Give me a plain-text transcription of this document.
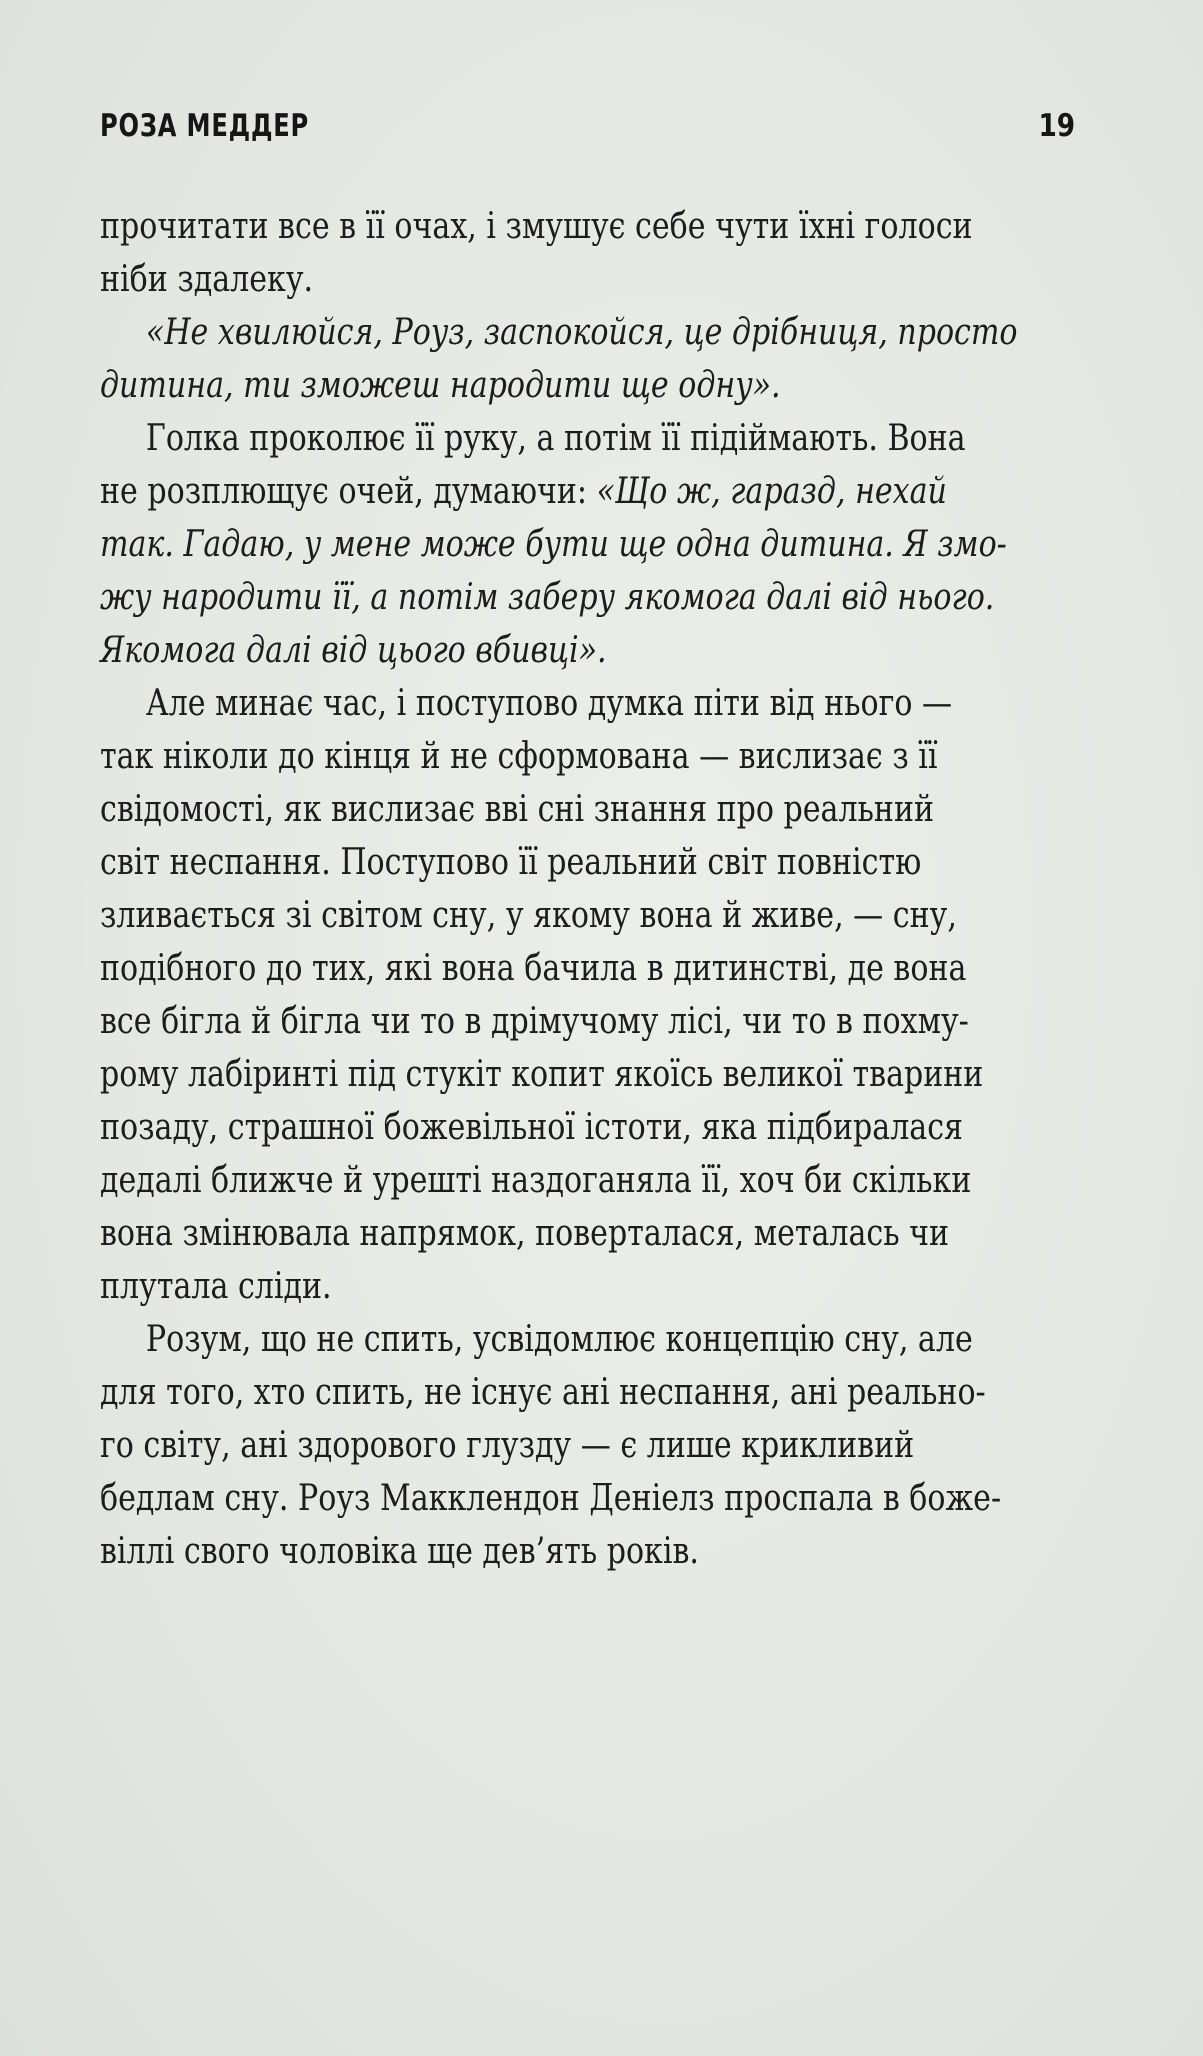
РОЗА МЕДДЕР	19
прочитати все в її очах, і змушує себе чути їхні голоси
ніби здалеку.
«Не хвилюйся, Роуз, заспокойся, це дрібниця, просто
дитина, ти зможеш народити ще одну».
Голка проколює її руку, а потім її підіймають. Вона
не розплющує очей, думаючи: «Що ж, гаразд, нехай
так. Гадаю, у мене може бути ще одна дитина. Я змо-
жу народити її, а потім заберу якомога далі від нього.
Якомога далі від цього вбивці».
Але минає час, і поступово думка піти від нього —
так ніколи до кінця й не сформована — вислизає з її
свідомості, як вислизає вві сні знання про реальний
світ неспання. Поступово її реальний світ повністю
зливається зі світом сну, у якому вона й живе, — сну,
подібного до тих, які вона бачила в дитинстві, де вона
все бігла й бігла чи то в дрімучому лісі, чи то в похму-
рому лабіринті під стукіт копит якоїсь великої тварини
позаду, страшної божевільної істоти, яка підбиралася
дедалі ближче й урешті наздоганяла її, хоч би скільки
вона змінювала напрямок, поверталася, металась чи
плутала сліди.
Розум, що не спить, усвідомлює концепцію сну, але
для того, хто спить, не існує ані неспання, ані реально-
го світу, ані здорового глузду — є лише крикливий
бедлам сну. Роуз Макклендон Деніелз проспала в боже-
віллі свого чоловіка ще дев’ять років.
